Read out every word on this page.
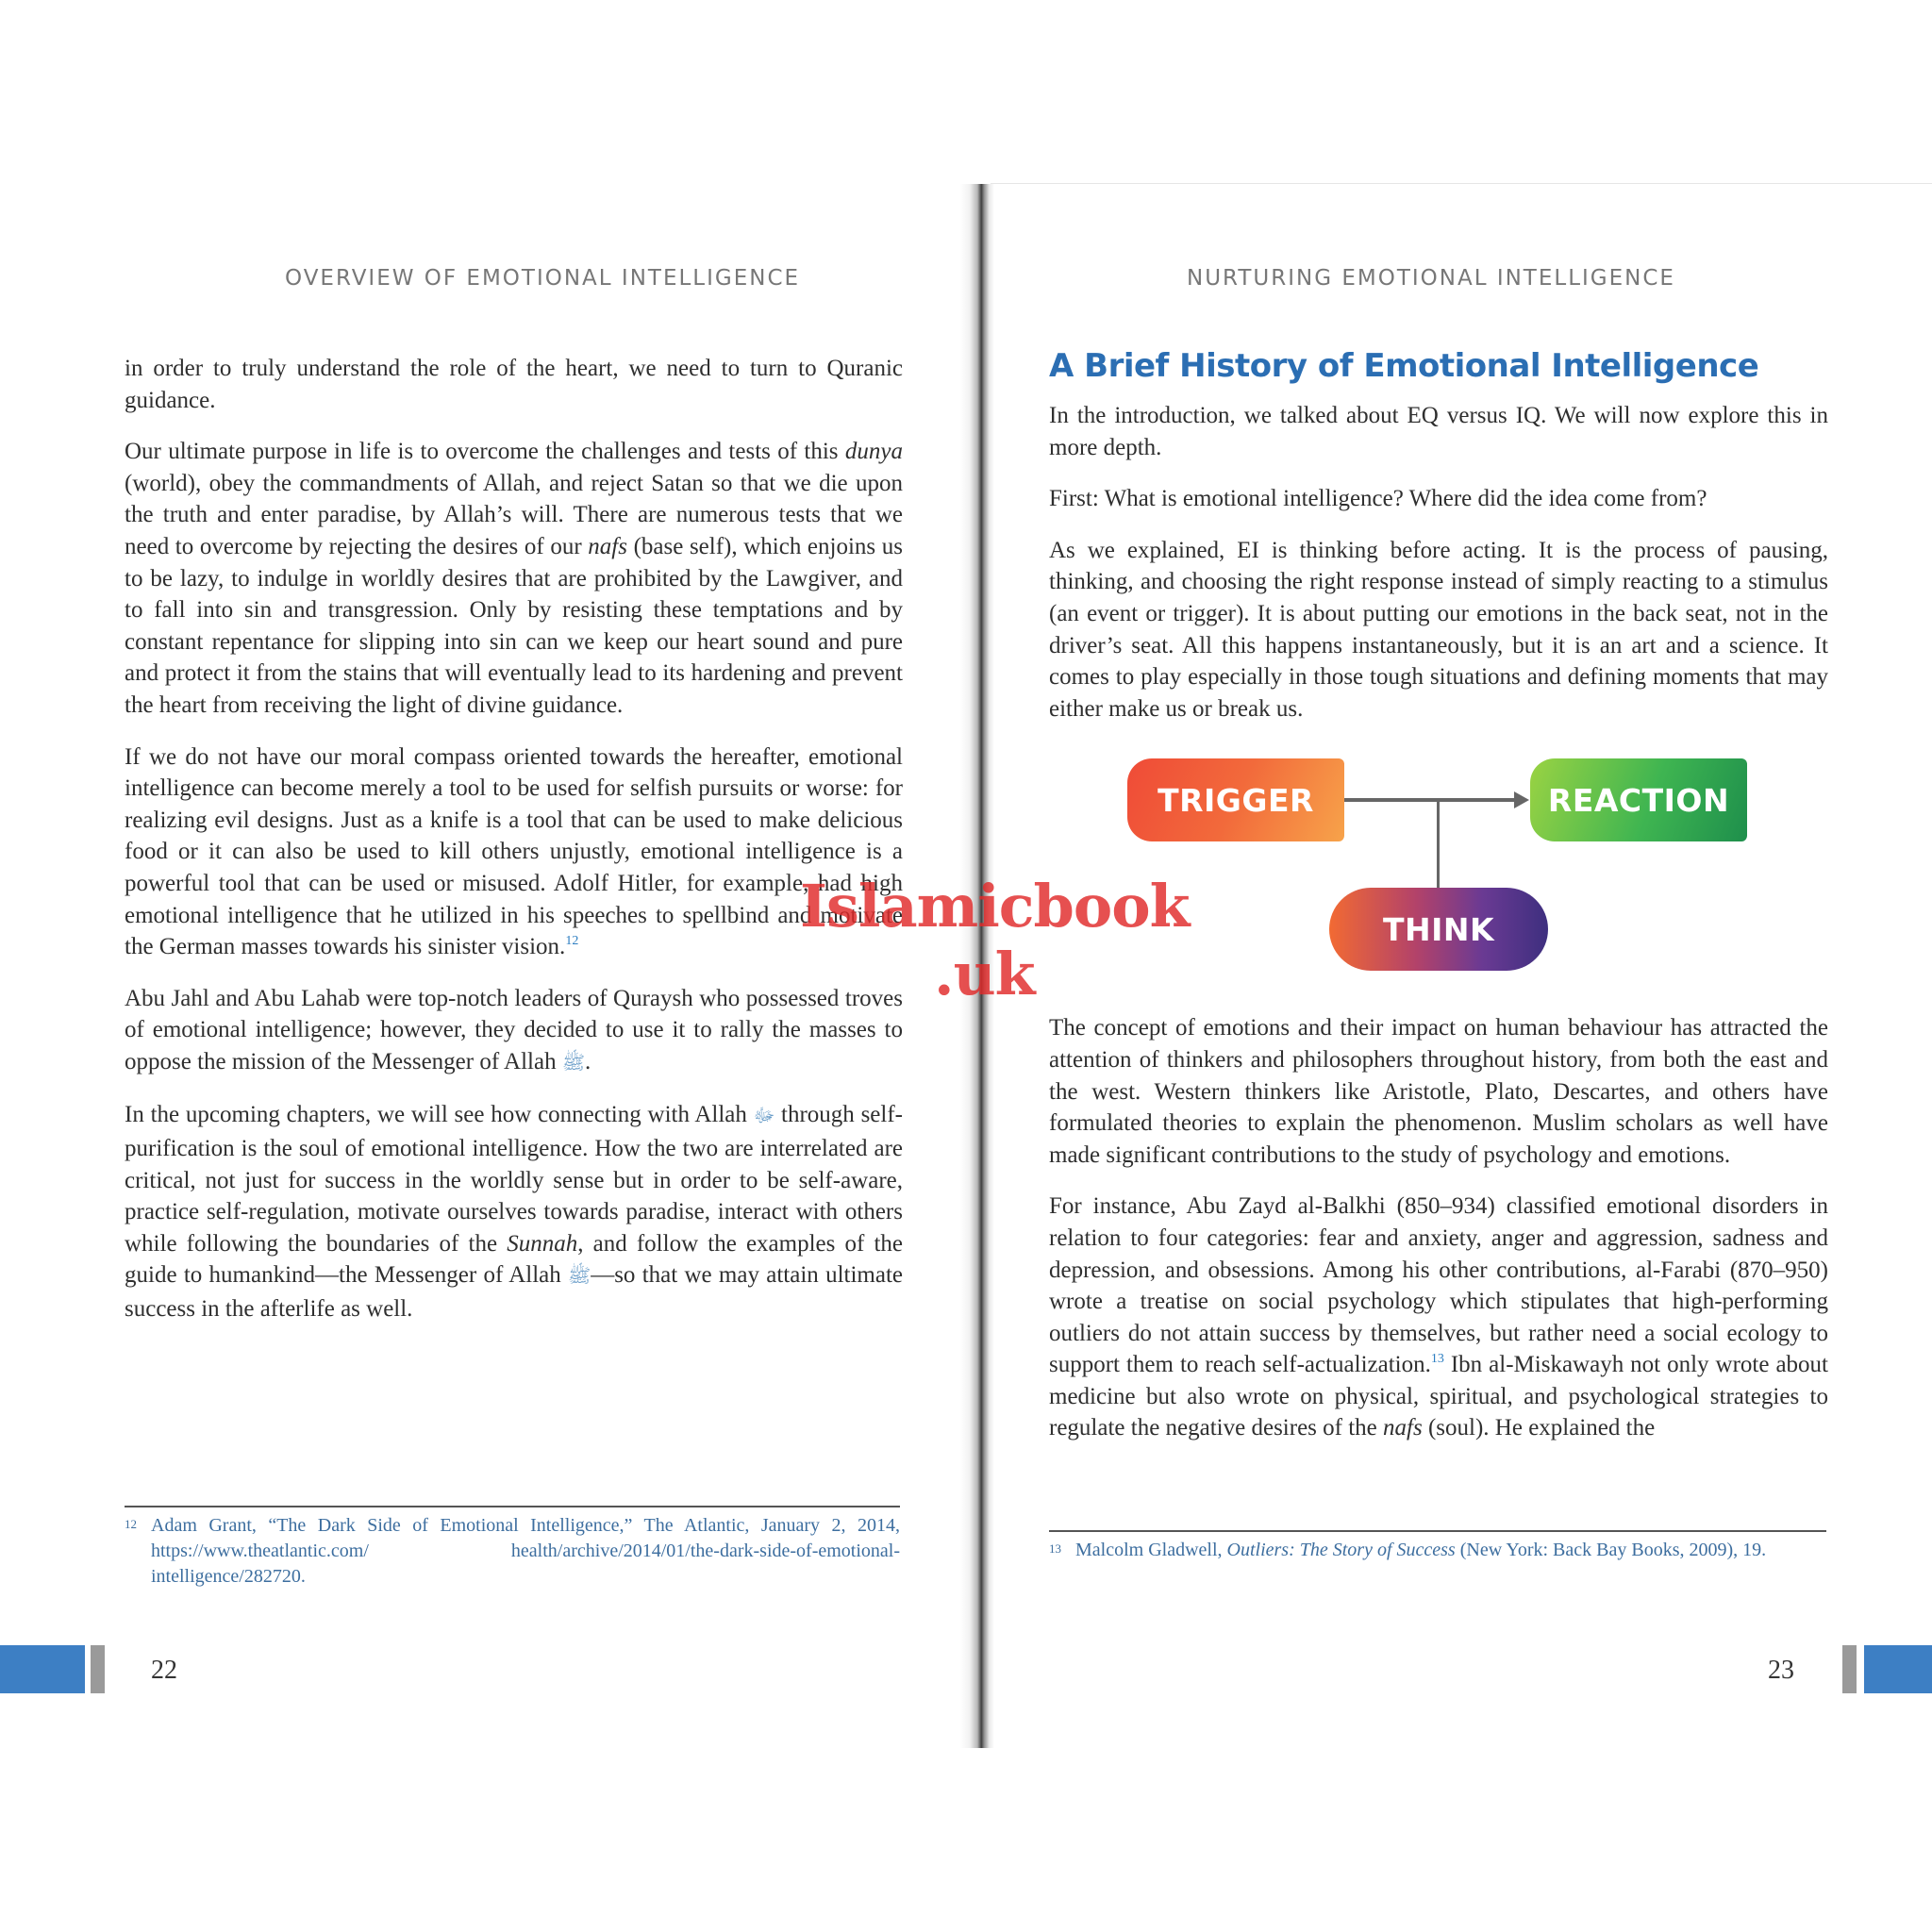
OVERVIEW OF EMOTIONAL INTELLIGENCE

in order to truly understand the role of the heart, we need to turn to Quranic guidance.

Our ultimate purpose in life is to overcome the challenges and tests of this dunya (world), obey the commandments of Allah, and reject Satan so that we die upon the truth and enter paradise, by Allah’s will. There are numerous tests that we need to overcome by rejecting the desires of our nafs (base self), which enjoins us to be lazy, to indulge in worldly desires that are prohibited by the Lawgiver, and to fall into sin and transgression. Only by resisting these temptations and by constant repentance for slipping into sin can we keep our heart sound and pure and protect it from the stains that will eventually lead to its hardening and prevent the heart from receiving the light of divine guidance.

If we do not have our moral compass oriented towards the hereafter, emotional intelligence can become merely a tool to be used for selfish pursuits or worse: for realizing evil designs. Just as a knife is a tool that can be used to make delicious food or it can also be used to kill others unjustly, emotional intelligence is a powerful tool that can be used or misused. Adolf Hitler, for example, had high emotional intelligence that he utilized in his speeches to spellbind and motivate the German masses towards his sinister vision.$^{12}$

Abu Jahl and Abu Lahab were top-notch leaders of Quraysh who possessed troves of emotional intelligence; however, they decided to use it to rally the masses to oppose the mission of the Messenger of Allah ﷺ.

In the upcoming chapters, we will see how connecting with Allah ﷻ through self-purification is the soul of emotional intelligence. How the two are interrelated are critical, not just for success in the worldly sense but in order to be self-aware, practice self-regulation, motivate ourselves towards paradise, interact with others while following the boundaries of the Sunnah, and follow the examples of the guide to humankind—the Messenger of Allah ﷺ—so that we may attain ultimate success in the afterlife as well.

12 Adam Grant, “The Dark Side of Emotional Intelligence,” The Atlantic, January 2, 2014, https://www.theatlantic.com/ health/archive/2014/01/the-dark-side-of-emotional-intelligence/282720.

22

NURTURING EMOTIONAL INTELLIGENCE
A Brief History of Emotional Intelligence

In the introduction, we talked about EQ versus IQ. We will now explore this in more depth.

First: What is emotional intelligence? Where did the idea come from?

As we explained, EI is thinking before acting. It is the process of pausing, thinking, and choosing the right response instead of simply reacting to a stimulus (an event or trigger). It is about putting our emotions in the back seat, not in the driver’s seat. All this happens instantaneously, but it is an art and a science. It comes to play especially in those tough situations and defining moments that may either make us or break us.

TRIGGER	REACTION
THINK

The concept of emotions and their impact on human behaviour has attracted the attention of thinkers and philosophers throughout history, from both the east and the west. Western thinkers like Aristotle, Plato, Descartes, and others have formulated theories to explain the phenomenon. Muslim scholars as well have made significant contributions to the study of psychology and emotions.

For instance, Abu Zayd al-Balkhi (850–934) classified emotional disorders in relation to four categories: fear and anxiety, anger and aggression, sadness and depression, and obsessions. Among his other contributions, al-Farabi (870–950) wrote a treatise on social psychology which stipulates that high-performing outliers do not attain success by themselves, but rather need a social ecology to support them to reach self-actualization.$^{13}$ Ibn al-Miskawayh not only wrote about medicine but also wrote on physical, spiritual, and psychological strategies to regulate the negative desires of the nafs (soul). He explained the

13 Malcolm Gladwell, Outliers: The Story of Success (New York: Back Bay Books, 2009), 19.

23

Islamicbook
.uk
